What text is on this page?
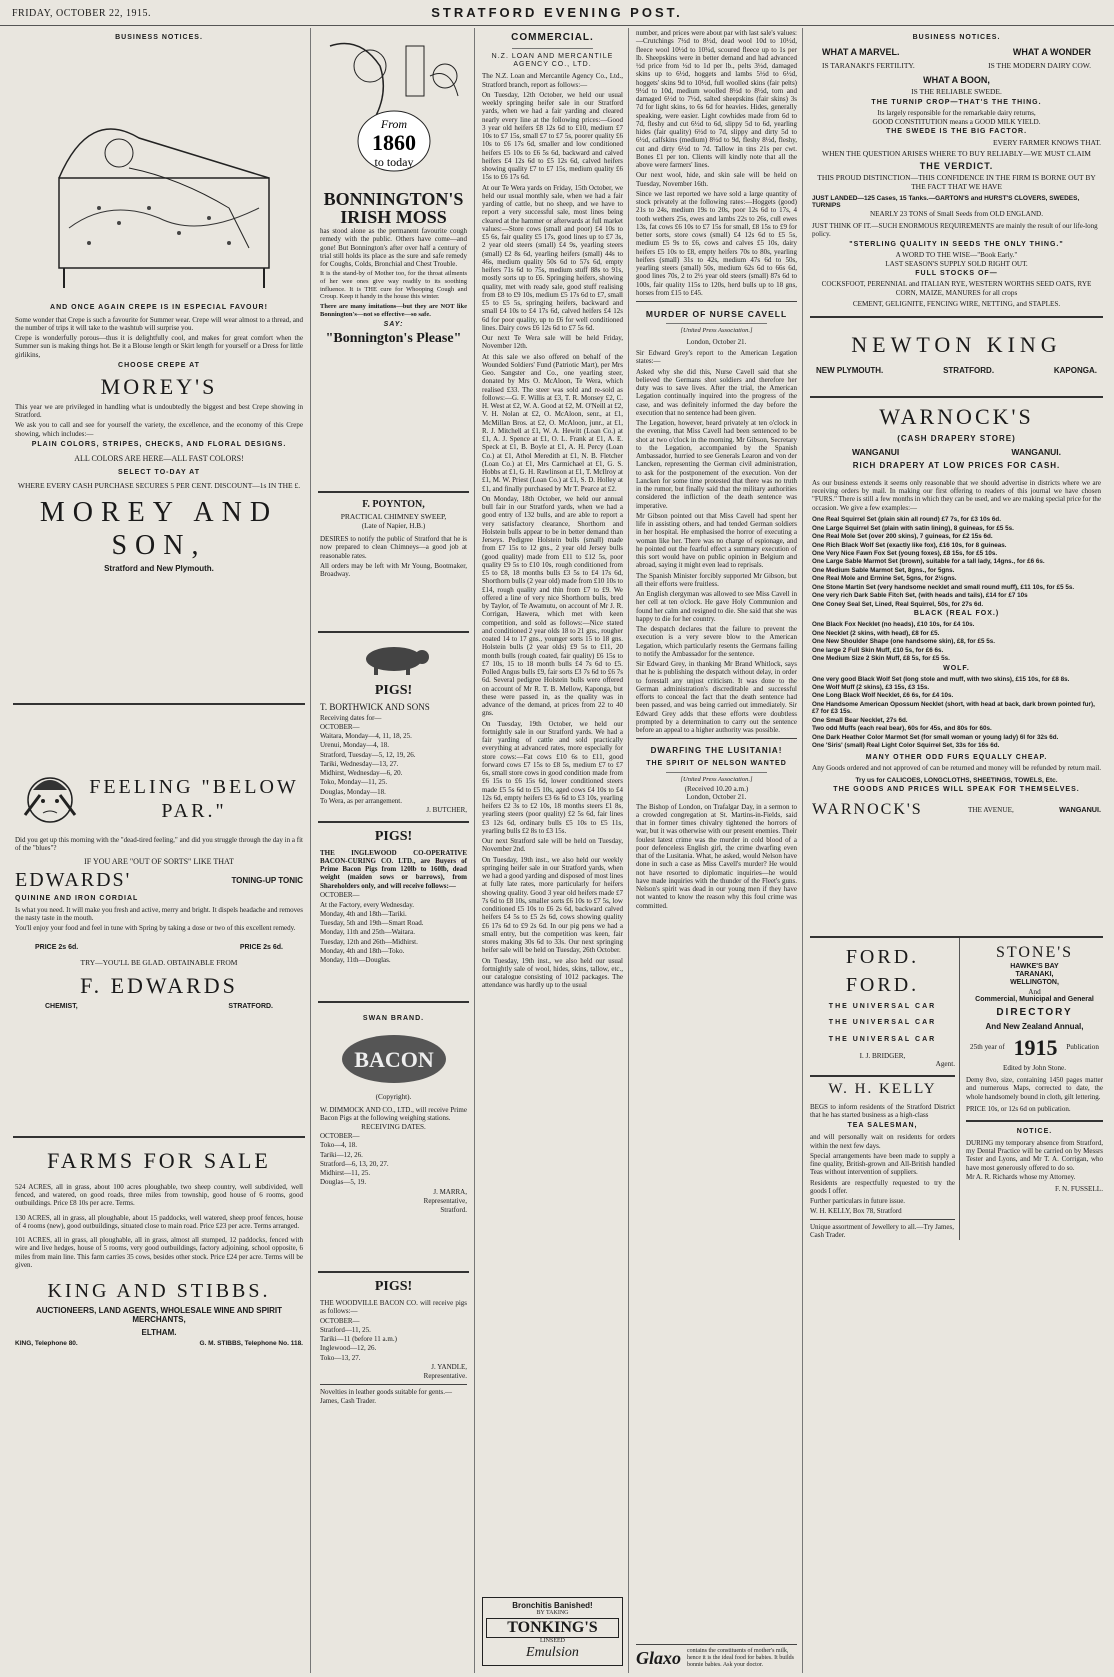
FRIDAY, OCTOBER 22, 1915.	STRATFORD EVENING POST.
BUSINESS NOTICES.
AND ONCE AGAIN CREPE IS IN ESPECIAL FAVOUR!
Some wonder that Crepe is such a favourite for Summer wear. Crepe will wear almost to a thread, and the number of trips it will take to the washtub will surprise you.
Crepe is wonderfully porous—thus it is delightfully cool, and makes for great comfort when the Summer sun is making things hot. Be it a Blouse length or Skirt length for yourself or a Dress for little girlikins,
CHOOSE CREPE AT
MOREY'S
This year we are privileged in handling what is undoubtedly the biggest and best Crepe showing in Stratford.
We ask you to call and see for yourself the variety, the excellence, and the economy of this Crepe showing, which includes:—
PLAIN COLORS, STRIPES, CHECKS, AND FLORAL DESIGNS.
ALL COLORS ARE HERE—ALL FAST COLORS!
SELECT TO-DAY AT
WHERE EVERY CASH PURCHASE SECURES 5 PER CENT. DISCOUNT—1s IN THE £.
MOREY AND SON,
Stratford and New Plymouth.
FEELING "BELOW PAR."
Did you get up this morning with the "dead-tired feeling," and did you struggle through the day in a fit of the "blues"?
IF YOU ARE "OUT OF SORTS" LIKE THAT
EDWARDS'	TONING-UP TONIC
QUININE AND IRON CORDIAL
Is what you need. It will make you fresh and active, merry and bright. It dispels headache and removes the nasty taste in the mouth.
You'll enjoy your food and feel in tune with Spring by taking a dose or two of this excellent remedy.
PRICE 2s 6d.	PRICE 2s 6d.
TRY—YOU'LL BE GLAD. OBTAINABLE FROM
F. EDWARDS
CHEMIST,	STRATFORD.
FARMS FOR SALE
524 ACRES, all in grass, about 100 acres ploughable, two sheep country, well subdivided, well fenced, and watered, on good roads, three miles from township, good house of 6 rooms, good outbuildings. Price £8 10s per acre. Terms.
130 ACRES, all in grass, all ploughable, about 15 paddocks, well watered, sheep proof fences, house of 4 rooms (new), good outbuildings, situated close to main road. Price £23 per acre. Terms arranged.
101 ACRES, all in grass, all ploughable, all in grass, almost all stumped, 12 paddocks, fenced with wire and live hedges, house of 5 rooms, very good outbuildings, factory adjoining, school opposite, 6 miles from main line. This farm carries 35 cows, besides other stock. Price £24 per acre. Terms will be given.
KING AND STIBBS.
AUCTIONEERS, LAND AGENTS, WHOLESALE WINE AND SPIRIT MERCHANTS,
ELTHAM.
KING, Telephone 80.	G. M. STIBBS, Telephone No. 118.
From
1860
to today
BONNINGTON'S IRISH MOSS
has stood alone as the permanent favourite cough remedy with the public. Others have come—and gone! But Bonnington's after over half a century of trial still holds its place as the sure and safe remedy for Coughs, Colds, Bronchial and Chest Trouble.
It is the stand-by of Mother too, for the throat ailments of her wee ones give way readily to its soothing influence. It is THE cure for Whooping Cough and Croup. Keep it handy in the house this winter.
There are many imitations—but they are NOT like Bonnington's—not so effective—so safe.
SAY:
"Bonnington's Please"
F. POYNTON,
PRACTICAL CHIMNEY SWEEP,
(Late of Napier, H.B.)
DESIRES to notify the public of Stratford that he is now prepared to clean Chimneys—a good job at reasonable rates.
All orders may be left with Mr Young, Bootmaker, Broadway.
PIGS!
T. BORTHWICK AND SONS
Receiving dates for—
OCTOBER—
Waitara, Monday—4, 11, 18, 25.
Urenui, Monday—4, 18.
Stratford, Tuesday—5, 12, 19, 26.
Tariki, Wednesday—13, 27.
Midhirst, Wednesday—6, 20.
Toko, Monday—11, 25.
Douglas, Monday—18.
To Wera, as per arrangement.
J. BUTCHER,
PIGS!
THE INGLEWOOD CO-OPERATIVE BACON-CURING CO. LTD., are Buyers of Prime Bacon Pigs from 120lb to 160lb, dead weight (maiden sows or barrows), from Shareholders only, and will receive follows:—
OCTOBER—
At the Factory, every Wednesday.
Monday, 4th and 18th—Tariki.
Tuesday, 5th and 19th—Smart Road.
Monday, 11th and 25th—Waitara.
Tuesday, 12th and 26th—Midhirst.
Monday, 4th and 18th—Toko.
Monday, 11th—Douglas.
SWAN BRAND.
BACON
(Copyright).
W. DIMMOCK AND CO., LTD., will receive Prime Bacon Pigs at the following weighing stations.
RECEIVING DATES.
OCTOBER—
Toko—4, 18.
Tariki—12, 26.
Stratford—6, 13, 20, 27.
Midhirst—11, 25.
Douglas—5, 19.
J. MARRA,
Representative,
Stratford.
PIGS!
THE WOODVILLE BACON CO. will receive pigs as follows:—
OCTOBER—
Stratford—11, 25.
Tariki—11 (before 11 a.m.)
Inglewood—12, 26.
Toko—13, 27.
J. YANDLE,
Representative.
Novelties in leather goods suitable for gents.—James, Cash Trader.
COMMERCIAL.
N.Z. LOAN AND MERCANTILE AGENCY CO., LTD.
The N.Z. Loan and Mercantile Agency Co., Ltd., Stratford branch, report as follows:—
On Tuesday, 12th October, we held our usual weekly springing heifer sale in our Stratford yards, when we had a fair yarding and cleared nearly every line at the following prices:—Good 3 year old heifers £8 12s 6d to £10, medium £7 10s to £7 15s, small £7 to £7 5s, poorer quality £6 10s to £6 17s 6d, smaller and low conditioned heifers £5 10s to £6 5s 6d, backward and calved heifers £4 12s 6d to £5 12s 6d, calved heifers showing quality £7 to £7 15s, medium quality £6 15s to £6 17s 6d.
At our Te Wera yards on Friday, 15th October, we held our usual monthly sale, when we had a fair yarding of cattle, but no sheep, and we have to report a very successful sale, most lines being cleared at the hammer or afterwards at full market values:—Store cows (small and poor) £4 10s to £5 6s, fair quality £5 17s, good lines up to £7 3s, 2 year old steers (small) £4 9s, yearling steers (small) £2 8s 6d, yearling heifers (small) 44s to 46s, medium quality 50s 6d to 57s 6d, empty heifers 71s 6d to 75s, medium stuff 88s to 91s, mostly sorts up to £6. Springing heifers, showing quality, met with ready sale, good stuff realising from £8 to £9 10s, medium £5 17s 6d to £7, small £5 to £5 5s, springing heifers, backward and small £4 10s to £4 17s 6d, calved heifers £4 12s 6d for poor quality, up to £6 for well conditioned lines. Dairy cows £6 12s 6d to £7 5s 6d.
Our next Te Wera sale will be held Friday, November 12th.
At this sale we also offered on behalf of the Wounded Soldiers' Fund (Patriotic Mart), per Mrs Geo. Sangster and Co., one yearling steer, donated by Mrs O. McAloon, Te Wera, which realised £33. The steer was sold and re-sold as follows:—G. F. Willis at £3, T. R. Monsey £2, C. H. West at £2, W. A. Good at £2, M. O'Neill at £2, V. H. Nolan at £2, O. McAloon, senr., at £1, McMillan Bros. at £2, O. McAloon, junr., at £1, R. J. Mitchell at £1, W. A. Hewitt (Loan Co.) at £1, A. J. Spence at £1, O. L. Frank at £1, A. E. Speck at £1, B. Boyle at £1, A. H. Percy (Loan Co.) at £1, Athol Meredith at £1, N. B. Fletcher (Loan Co.) at £1, Mrs Carmichael at £1, G. S. Hobbs at £1, G. H. Rawlinson at £1, T. McIlroy at £1, M. W. Priest (Loan Co.) at £1, S. D. Holley at £1, and finally purchased by Mr T. Pearce at £2.
On Monday, 18th October, we held our annual bull fair in our Stratford yards, when we had a good entry of 132 bulls, and are able to report a very satisfactory clearance, Shorthorn and Holstein bulls appear to be in better demand than Jerseys. Pedigree Holstein bulls (small) made from £7 15s to 12 gns., 2 year old Jersey bulls (good quality) made from £11 to £12 5s, poor quality £9 5s to £10 10s, rough conditioned from £5 to £8, 18 months bulls £3 5s to £4 17s 6d, Shorthorn bulls (2 year old) made from £10 10s to £14, rough quality and thin from £7 to £9. We offered a line of very nice Shorthorn bulls, bred by Taylor, of Te Awamutu, on account of Mr J. R. Corrigan, Hawera, which met with keen competition, and sold as follows:—Nice stated and conditioned 2 year olds 18 to 21 gns., rougher coated 14 to 17 gns., younger sorts 15 to 18 gns. Holstein bulls (2 year olds) £9 5s to £11, 20 month bulls (rough coated, fair quality) £6 15s to £7 10s, 15 to 18 month bulls £4 7s 6d to £5. Polled Angus bulls £9, fair sorts £3 7s 6d to £6 7s 6d. Several pedigree Holstein bulls were offered on account of Mr R. T. B. Mellow, Kaponga, but these were passed in, as the quality was in advance of the demand, at prices from 22 to 40 gns.
On Tuesday, 19th October, we held our fortnightly sale in our Stratford yards. We had a fair yarding of cattle and sold practically everything at advanced rates, more especially for store cows:—Fat cows £10 6s to £11, good forward cows £7 15s to £8 5s, medium £7 to £7 6s, small store cows in good condition made from £6 15s to £6 15s 6d, lower conditioned steers made £5 5s 6d to £5 10s, aged cows £4 10s to £4 12s 6d, empty heifers £3 6s 6d to £3 10s, yearling heifers £2 3s to £2 10s, 18 months steers £1 8s, yearling steers (poor quality) £2 5s 6d, fair lines £3 12s 6d, ordinary bulls £5 10s to £5 11s, yearling bulls £2 8s to £3 15s.
Our next Stratford sale will be held on Tuesday, November 2nd.
On Tuesday, 19th inst., we also held our weekly springing heifer sale in our Stratford yards, when we had a good yarding and disposed of most lines at fully late rates, more particularly for heifers showing quality. Good 3 year old heifers made £7 7s 6d to £8 10s, smaller sorts £6 10s to £7 5s, low conditioned £5 10s to £6 2s 6d, backward calved heifers £4 5s to £5 2s 6d, cows showing quality £6 17s 6d to £9 2s 6d. In our pig pens we had a small entry, but the competition was keen, fair stores making 30s 6d to 33s. Our next springing heifer sale will be held on Tuesday, 26th October.
On Tuesday, 19th inst., we also held our usual fortnightly sale of wool, hides, skins, tallow, etc., our catalogue consisting of 1012 packages. The attendance was hardly up to the usual
Bronchitis Banished!
BY TAKING
TONKING'S
LINSEED
Emulsion
number, and prices were about par with last sale's values:—Crutchings 7½d to 8½d, dead wool 10d to 10½d, fleece wool 10½d to 10¾d, scoured fleece up to 1s per lb. Sheepskins were in better demand and had advanced ½d price from ½d to 1d per lb., pelts 3½d, damaged skins up to 6½d, hoggets and lambs 5½d to 6½d, hoggets' skins 9d to 10½d, full woolled skins (fair pelts) 9½d to 10d, medium woolled 8½d to 8½d, torn and damaged 6½d to 7½d, salted sheepskins (fair skins) 3s 7d for light skins, to 6s 6d for heavies. Hides, generally speaking, were easier. Light cowhides made from 6d to 7d, fleshy and cut 6½d to 6d, slippy 5d to 6d, yearling hides (fair quality) 6½d to 7d, slippy and dirty 5d to 6½d, calfskins (medium) 8½d to 9d, fleshy 8½d, fleshy, cut and dirty 6½d to 7d. Tallow in tins 21s per cwt. Bones £1 per ton. Clients will kindly note that all the above were farmers' lines.
Our next wool, hide, and skin sale will be held on Tuesday, November 16th.
Since we last reported we have sold a large quantity of stock privately at the following rates:—Hoggets (good) 21s to 24s, medium 19s to 20s, poor 12s 6d to 17s, 4 tooth wethers 25s, ewes and lambs 22s to 26s, cull ewes 13s, fat cows £6 10s to £7 15s for small, £8 15s to £9 for better sorts, store cows (small) £4 12s 6d to £5 5s, medium £5 9s to £6, cows and calves £5 10s, dairy heifers £5 10s to £8, empty heifers 70s to 80s, yearling heifers (small) 31s to 42s, medium 47s 6d to 50s, yearling steers (small) 50s, medium 62s 6d to 66s 6d, good lines 70s, 2 to 2½ year old steers (small) 87s 6d to 100s, fair quality 115s to 120s, herd bulls up to 18 gns, horses from £15 to £45.
MURDER OF NURSE CAVELL
[United Press Association.]
London, October 21.
Sir Edward Grey's report to the American Legation states:—
Asked why she did this, Nurse Cavell said that she believed the Germans shot soldiers and therefore her duty was to save lives. After the trial, the American Legation continually inquired into the progress of the case, and was definitely informed the day before the execution that no sentence had been given.
The Legation, however, heard privately at ten o'clock in the evening, that Miss Cavell had been sentenced to be shot at two o'clock in the morning. Mr Gibson, Secretary to the Legation, accompanied by the Spanish Ambassador, hurried to see Generals Learon and von der Lancken, representing the German civil administration, to ask for the postponement of the execution. Von der Lancken for some time protested that there was no truth in the rumor, but finally said that the military authorities considered the infliction of the death sentence was imperative.
Mr Gibson pointed out that Miss Cavell had spent her life in assisting others, and had tended German soldiers in her hospital. He emphasised the horror of executing a woman like her. There was no charge of espionage, and he pointed out the fearful effect a summary execution of this sort would have on public opinion in Belgium and abroad, saying it might even lead to reprisals.
The Spanish Minister forcibly supported Mr Gibson, but all their efforts were fruitless.
An English clergyman was allowed to see Miss Cavell in her cell at ten o'clock. He gave Holy Communion and found her calm and resigned to die. She said that she was happy to die for her country.
The despatch declares that the failure to prevent the execution is a very severe blow to the American Legation, which particularly resents the Germans failing to notify the Ambassador for the sentence.
Sir Edward Grey, in thanking Mr Brand Whitlock, says that he is publishing the despatch without delay, in order to forestall any unjust criticism. It was done to the German administration's discreditable and successful efforts to conceal the fact that the death sentence had been passed, and was being carried out immediately. Sir Edward Grey adds that these efforts were doubtless prompted by a determination to carry out the sentence before an appeal to a higher authority was possible.
DWARFING THE LUSITANIA!
THE SPIRIT OF NELSON WANTED
[United Press Association.]
(Received 10.20 a.m.)
London, October 21.
The Bishop of London, on Trafalgar Day, in a sermon to a crowded congregation at St. Martins-in-Fields, said that in former times chivalry tightened the horrors of war, but it was otherwise with our present enemies. Their foulest latest crime was the murder in cold blood of a poor defenceless English girl, the crime dwarfing even that of the Lusitania. What, he asked, would Nelson have done in such a case as Miss Cavell's murder? He would not have resorted to diplomatic inquiries—he would have made inquiries with the thunder of the Fleet's guns. Nelson's spirit was dead in our young men if they have not wanted to know the reason why this foul crime was committed.
Glaxo	contains the constituents of mother's milk, hence it is the ideal food for babies. It builds bonnie babies. Ask your doctor.
BUSINESS NOTICES.
WHAT A MARVEL.	WHAT A WONDER
IS TARANAKI'S FERTILITY.	IS THE MODERN DAIRY COW.
WHAT A BOON,
IS THE RELIABLE SWEDE.
THE TURNIP CROP—THAT'S THE THING.
Its largely responsible for the remarkable dairy returns,
GOOD CONSTITUTION means a GOOD MILK YIELD.
THE SWEDE IS THE BIG FACTOR.
EVERY FARMER KNOWS THAT.
WHEN THE QUESTION ARISES WHERE TO BUY RELIABLY—WE MUST CLAIM
THE VERDICT.
THIS PROUD DISTINCTION—THIS CONFIDENCE IN THE FIRM IS BORNE OUT BY THE FACT THAT WE HAVE
JUST LANDED—125 Cases, 15 Tanks.—GARTON'S and HURST'S CLOVERS, SWEDES, TURNIPS
NEARLY 23 TONS of Small Seeds from OLD ENGLAND.
JUST THINK OF IT.—SUCH ENORMOUS REQUIREMENTS are mainly the result of our life-long policy.
"STERLING QUALITY IN SEEDS THE ONLY THING."
A WORD TO THE WISE—"Book Early."
LAST SEASON'S SUPPLY SOLD RIGHT OUT.
FULL STOCKS OF—
COCKSFOOT, PERENNIAL and ITALIAN RYE, WESTERN WORTHS SEED OATS, RYE CORN, MAIZE, MANURES for all crops
CEMENT, GELIGNITE, FENCING WIRE, NETTING, and STAPLES.
NEWTON KING
NEW PLYMOUTH.	STRATFORD.	KAPONGA.
WARNOCK'S
(CASH DRAPERY STORE)
WANGANUI	WANGANUI.
RICH DRAPERY AT LOW PRICES FOR CASH.
As our business extends it seems only reasonable that we should advertise in districts where we are receiving orders by mail. In making our first offering to readers of this journal we have chosen "FURS." There is still a few months in which they can be used, and we are making special price for the occasion. We give a few examples:—
One Real Squirrel Set (plain skin all round) £7 7s, for £3 10s 6d.
One Large Squirrel Set (plain with satin lining), 8 guineas, for £5 5s.
One Real Mole Set (over 200 skins), 7 guineas, for £2 15s 6d.
One Rich Black Wolf Set (exactly like fox), £16 10s, for 8 guineas.
One Very Nice Fawn Fox Set (young foxes), £8 15s, for £5 10s.
One Large Sable Marmot Set (brown), suitable for a tall lady, 14gns., for £6 6s.
One Medium Sable Marmot Set, 8gns., for 5gns.
One Real Mole and Ermine Set, 5gns, for 2½gns.
One Stone Martin Set (very handsome necklet and small round muff), £11 10s, for £5 5s.
One very rich Dark Sable Fitch Set, (with heads and tails), £14 for £7 10s
One Coney Seal Set, Lined, Real Squirrel, 50s, for 27s 6d.
BLACK (REAL FOX.)
One Black Fox Necklet (no heads), £10 10s, for £4 10s.
One Necklet (2 skins, with head), £8 for £5.
One New Shoulder Shape (one handsome skin), £8, for £5 5s.
One large 2 Full Skin Muff, £10 5s, for £6 6s.
One Medium Size 2 Skin Muff, £8 5s, for £5 5s.
WOLF.
One very good Black Wolf Set (long stole and muff, with two skins), £15 10s, for £8 8s.
One Wolf Muff (2 skins), £3 15s, £3 15s.
One Long Black Wolf Necklet, £6 6s, for £4 10s.
One Handsome American Opossum Necklet (short, with head at back, dark brown pointed fur), £7 for £3 15s.
One Small Bear Necklet, 27s 6d.
Two odd Muffs (each real bear), 60s for 45s, and 80s for 60s.
One Dark Heather Color Marmot Set (for small woman or young lady) 6l for 32s 6d.
One 'Siris' (small) Real Light Color Squirrel Set, 33s for 16s 6d.
MANY OTHER ODD FURS EQUALLY CHEAP.
Any Goods ordered and not approved of can be returned and money will be refunded by return mail.
Try us for CALICOES, LONGCLOTHS, SHEETINGS, TOWELS, Etc.
THE GOODS AND PRICES WILL SPEAK FOR THEMSELVES.
WARNOCK'S	THE AVENUE,	WANGANUI.
FORD.
FORD.
THE UNIVERSAL CAR
THE UNIVERSAL CAR
THE UNIVERSAL CAR
I. J. BRIDGER,
Agent.
W. H. KELLY
BEGS to inform residents of the Stratford District that he has started business as a high-class
TEA SALESMAN,
and will personally wait on residents for orders within the next few days.
Special arrangements have been made to supply a fine quality, British-grown and All-British handled Teas without intervention of suppliers.
Residents are respectfully requested to try the goods I offer.
Further particulars in future issue.
W. H. KELLY, Box 78, Stratford
Unique assortment of Jewellery to all.—Try James, Cash Trader.
STONE'S
HAWKE'S BAY
TARANAKI,
WELLINGTON,
And
Commercial, Municipal and General
DIRECTORY
And New Zealand Annual,
25th year of 1915 Publication
Edited by John Stone.
Demy 8vo, size, containing 1450 pages matter and numerous Maps, corrected to date, the whole handsomely bound in cloth, gilt lettering.
PRICE 10s, or 12s 6d on publication.
NOTICE.
DURING my temporary absence from Stratford, my Dental Practice will be carried on by Messrs Tester and Lyons, and Mr T. A. Corrigan, who have most generously offered to do so.
Mr A. R. Richards whose my Attorney.
F. N. FUSSELL.
